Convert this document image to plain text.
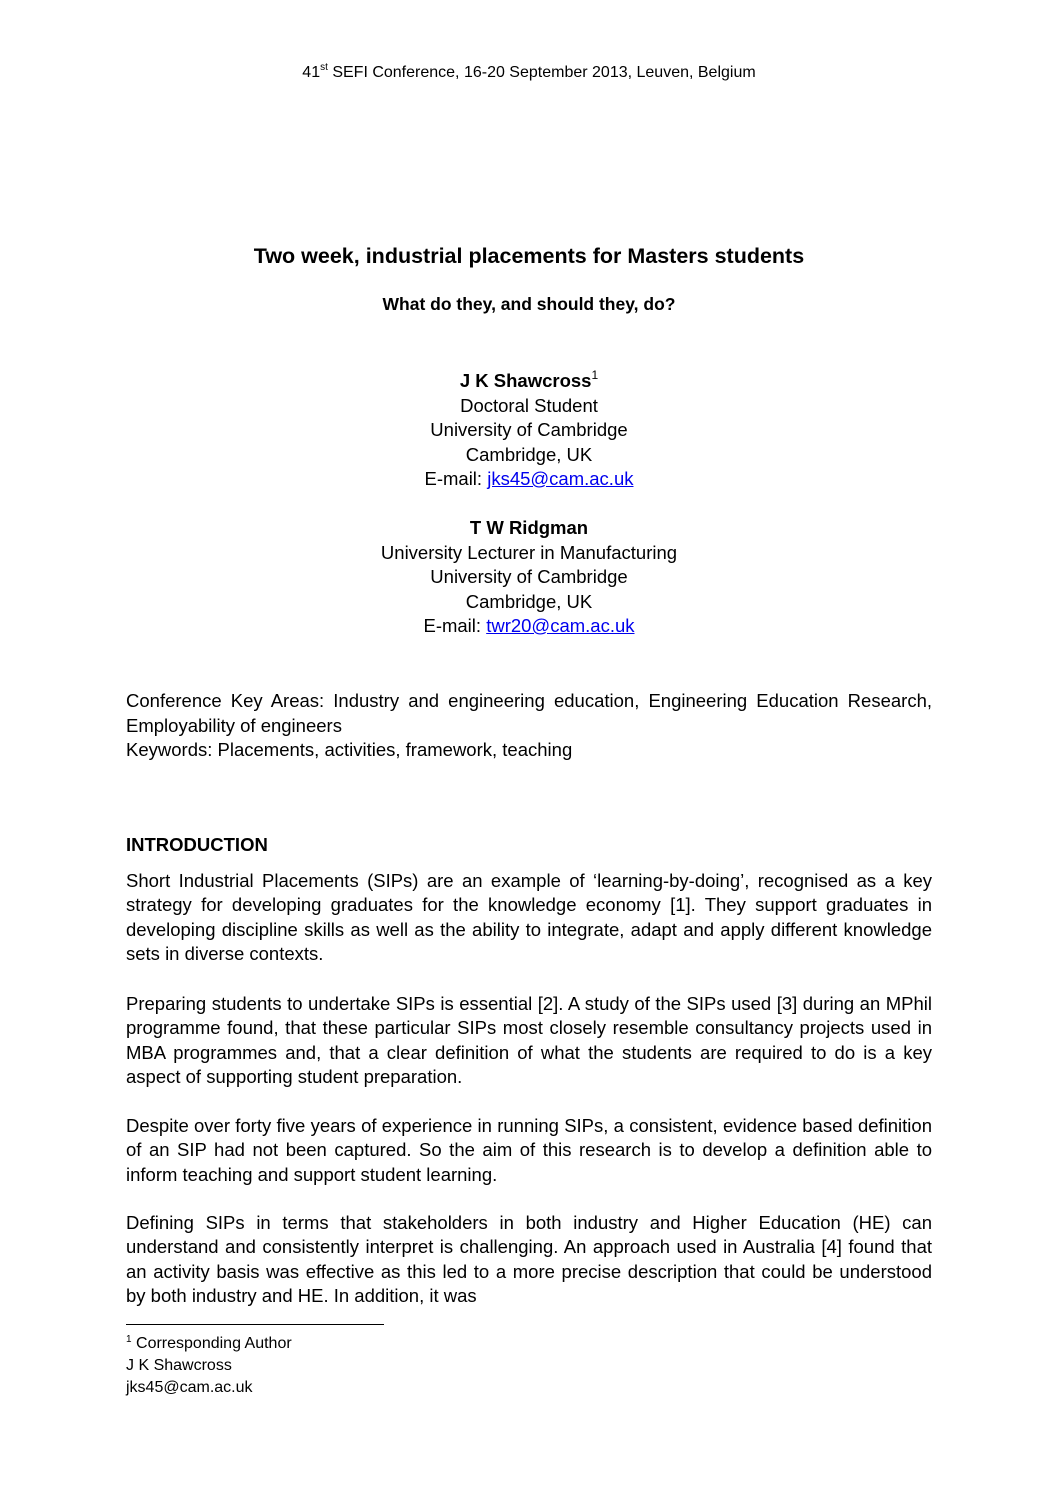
41st SEFI Conference, 16-20 September 2013, Leuven, Belgium
Two week, industrial placements for Masters students
What do they, and should they, do?
J K Shawcross$^1$
Doctoral Student
University of Cambridge
Cambridge, UK
E-mail: jks45@cam.ac.uk
T W Ridgman
University Lecturer in Manufacturing
University of Cambridge
Cambridge, UK
E-mail: twr20@cam.ac.uk

Conference Key Areas: Industry and engineering education, Engineering Education Research, Employability of engineers

Keywords: Placements, activities, framework, teaching

INTRODUCTION

Short Industrial Placements (SIPs) are an example of ‘learning-by-doing’, recognised as a key strategy for developing graduates for the knowledge economy [1]. They support graduates in developing discipline skills as well as the ability to integrate, adapt and apply different knowledge sets in diverse contexts.

Preparing students to undertake SIPs is essential [2]. A study of the SIPs used [3] during an MPhil programme found, that these particular SIPs most closely resemble consultancy projects used in MBA programmes and, that a clear definition of what the students are required to do is a key aspect of supporting student preparation.

Despite over forty five years of experience in running SIPs, a consistent, evidence based definition of an SIP had not been captured. So the aim of this research is to develop a definition able to inform teaching and support student learning.

Defining SIPs in terms that stakeholders in both industry and Higher Education (HE) can understand and consistently interpret is challenging. An approach used in Australia [4] found that an activity basis was effective as this led to a more precise description that could be understood by both industry and HE. In addition, it was

$^1$ Corresponding Author
J K Shawcross
jks45@cam.ac.uk
